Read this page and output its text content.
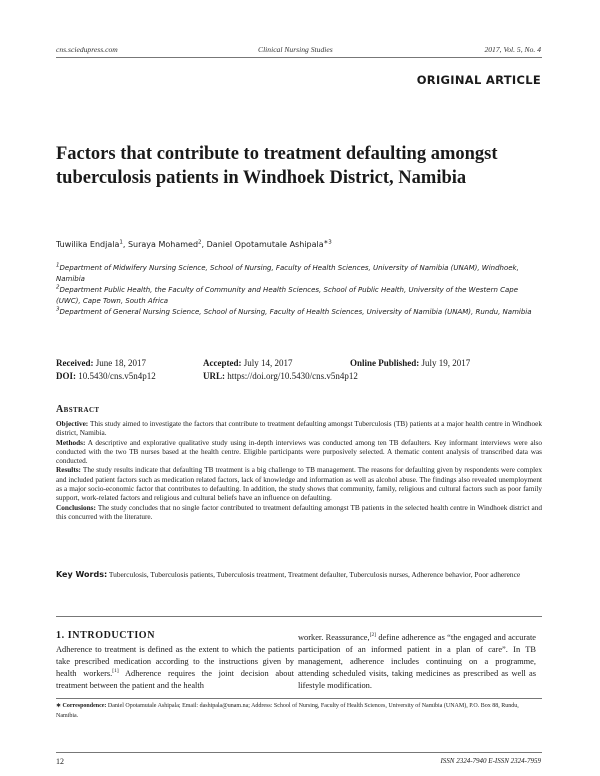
cns.sciedupress.com	Clinical Nursing Studies	2017, Vol. 5, No. 4
ORIGINAL ARTICLE
Factors that contribute to treatment defaulting amongst tuberculosis patients in Windhoek District, Namibia
Tuwilika Endjala$^1$, Suraya Mohamed$^2$, Daniel Opotamutale Ashipala$^{∗3}$
$^1$Department of Midwifery Nursing Science, School of Nursing, Faculty of Health Sciences, University of Namibia (UNAM), Windhoek, Namibia
$^2$Department Public Health, the Faculty of Community and Health Sciences, School of Public Health, University of the Western Cape (UWC), Cape Town, South Africa
$^3$Department of General Nursing Science, School of Nursing, Faculty of Health Sciences, University of Namibia (UNAM), Rundu, Namibia
Received: June 18, 2017	Accepted: July 14, 2017	Online Published: July 19, 2017
DOI: 10.5430/cns.v5n4p12	URL: https://doi.org/10.5430/cns.v5n4p12
Abstract

Objective: This study aimed to investigate the factors that contribute to treatment defaulting amongst Tuberculosis (TB) patients at a major health centre in Windhoek district, Namibia.

Methods: A descriptive and explorative qualitative study using in-depth interviews was conducted among ten TB defaulters. Key informant interviews were also conducted with the two TB nurses based at the health centre. Eligible participants were purposively selected. A thematic content analysis of transcribed data was conducted.

Results: The study results indicate that defaulting TB treatment is a big challenge to TB management. The reasons for defaulting given by respondents were complex and included patient factors such as medication related factors, lack of knowledge and information as well as alcohol abuse. The findings also revealed unemployment as a major socio-economic factor that contributes to defaulting. In addition, the study shows that community, family, religious and cultural factors such as poor family support, work-related factors and religious and cultural beliefs have an influence on defaulting.

Conclusions: The study concludes that no single factor contributed to treatment defaulting amongst TB patients in the selected health centre in Windhoek district and this concurred with the literature.

Key Words: Tuberculosis, Tuberculosis patients, Tuberculosis treatment, Treatment defaulter, Tuberculosis nurses, Adherence behavior, Poor adherence
1. INTRODUCTION
Adherence to treatment is defined as the extent to which the patients take prescribed medication according to the instructions given by health workers.[1] Adherence requires the joint decision about treatment between the patient and the health
worker. Reassurance,[2] define adherence as “the engaged and accurate participation of an informed patient in a plan of care”. In TB management, adherence includes continuing on a programme, attending scheduled visits, taking medicines as prescribed as well as lifestyle modification.
∗ Correspondence: Daniel Opotamutale Ashipala; Email: dashipala@unam.na; Address: School of Nursing, Faculty of Health Sciences, University of Namibia (UNAM), P.O. Box 88, Rundu, Namibia.
12	ISSN 2324-7940 E-ISSN 2324-7959
